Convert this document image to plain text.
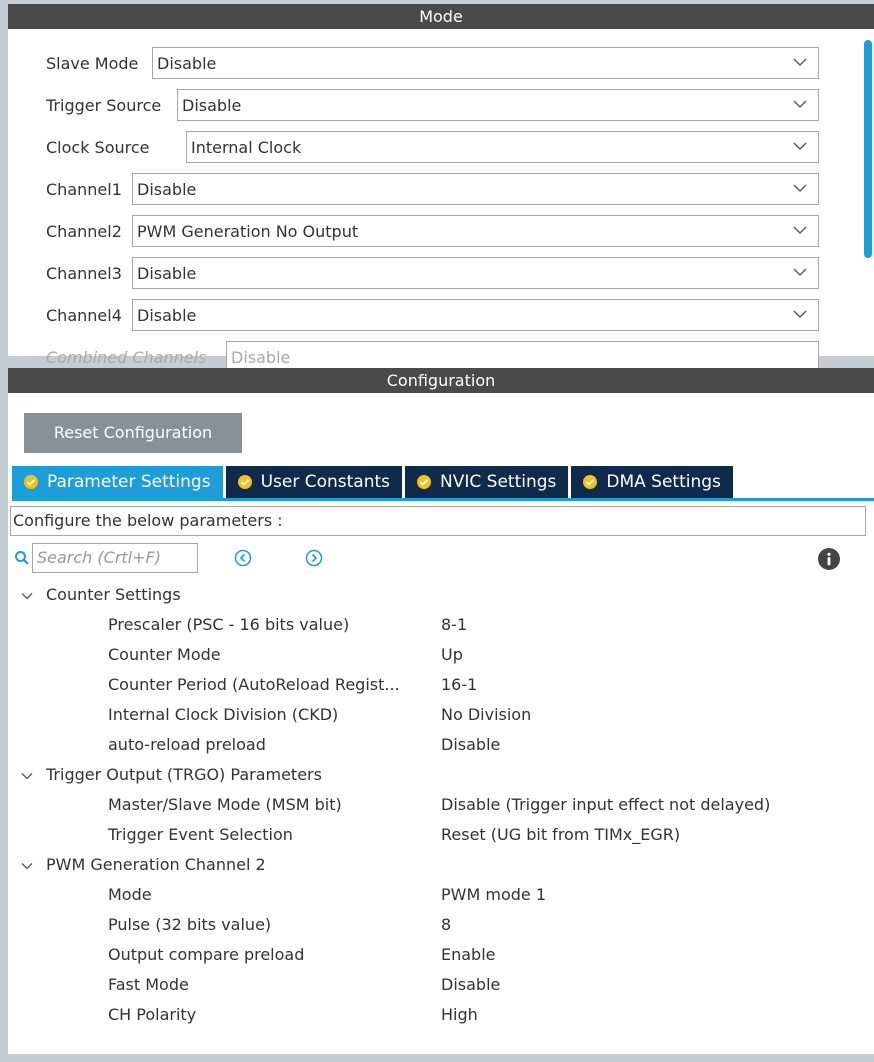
Mode
Slave Mode Disable
Trigger Source Disable
Clock Source	Internal Clock
Channel1 Disable
Channel2 PWM Generation No Output
Channel3 Disable
Channel4 Disable
Combined Channels Disable
Configuration
Reset Configuration
Parameter Settings	User Constants	NVIC Settings	DMA Settings
Configure the below parameters :
Search (Crtl+F)
Counter Settings
Prescaler (PSC - 16 bits value)	8-1
Counter Mode	Up
Counter Period (AutoReload Regist...	16-1
Internal Clock Division (CKD)	No Division
auto-reload preload	Disable
Trigger Output (TRGO) Parameters
Master/Slave Mode (MSM bit)	Disable (Trigger input effect not delayed)
Trigger Event Selection	Reset (UG bit from TIMx_EGR)
PWM Generation Channel 2
Mode	PWM mode 1
Pulse (32 bits value)	8
Output compare preload	Enable
Fast Mode	Disable
CH Polarity	High
